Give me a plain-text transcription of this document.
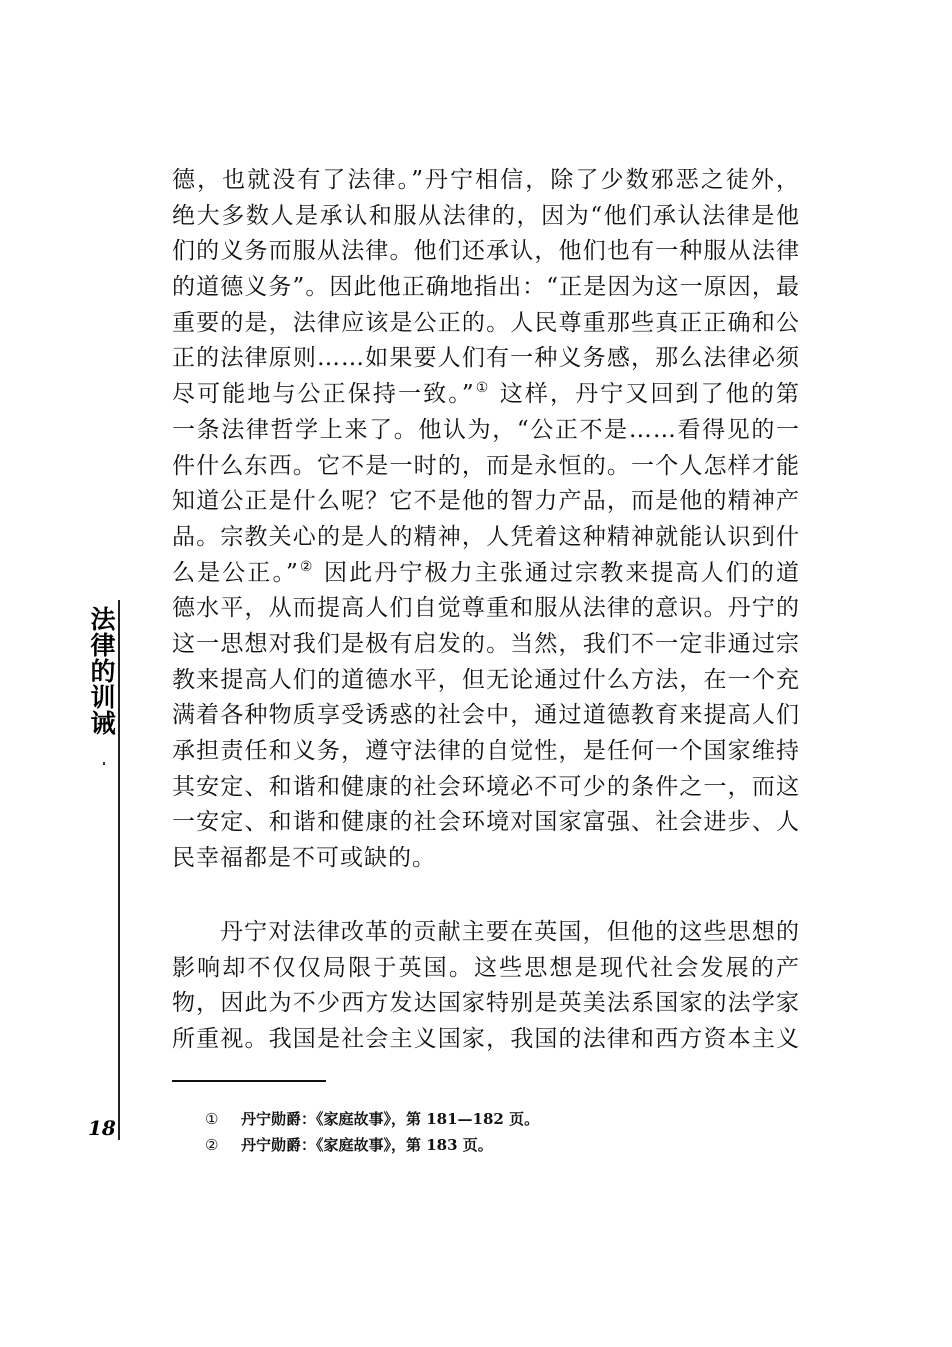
法律的训诫
18
德，也就没有了法律。”丹宁相信，除了少数邪恶之徒外，
绝大多数人是承认和服从法律的，因为“他们承认法律是他
们的义务而服从法律。他们还承认，他们也有一种服从法律
的道德义务”。因此他正确地指出：“正是因为这一原因，最
重要的是，法律应该是公正的。人民尊重那些真正正确和公
正的法律原则……如果要人们有一种义务感，那么法律必须
尽可能地与公正保持一致。”① 这样，丹宁又回到了他的第
一条法律哲学上来了。他认为，“公正不是……看得见的一
件什么东西。它不是一时的，而是永恒的。一个人怎样才能
知道公正是什么呢？它不是他的智力产品，而是他的精神产
品。宗教关心的是人的精神，人凭着这种精神就能认识到什
么是公正。”② 因此丹宁极力主张通过宗教来提高人们的道
德水平，从而提高人们自觉尊重和服从法律的意识。丹宁的
这一思想对我们是极有启发的。当然，我们不一定非通过宗
教来提高人们的道德水平，但无论通过什么方法，在一个充
满着各种物质享受诱惑的社会中，通过道德教育来提高人们
承担责任和义务，遵守法律的自觉性，是任何一个国家维持
其安定、和谐和健康的社会环境必不可少的条件之一，而这
一安定、和谐和健康的社会环境对国家富强、社会进步、人
民幸福都是不可或缺的。
丹宁对法律改革的贡献主要在英国，但他的这些思想的
影响却不仅仅局限于英国。这些思想是现代社会发展的产
物，因此为不少西方发达国家特别是英美法系国家的法学家
所重视。我国是社会主义国家，我国的法律和西方资本主义
① 丹宁勋爵：《家庭故事》，第 181—182 页。
② 丹宁勋爵：《家庭故事》，第 183 页。
